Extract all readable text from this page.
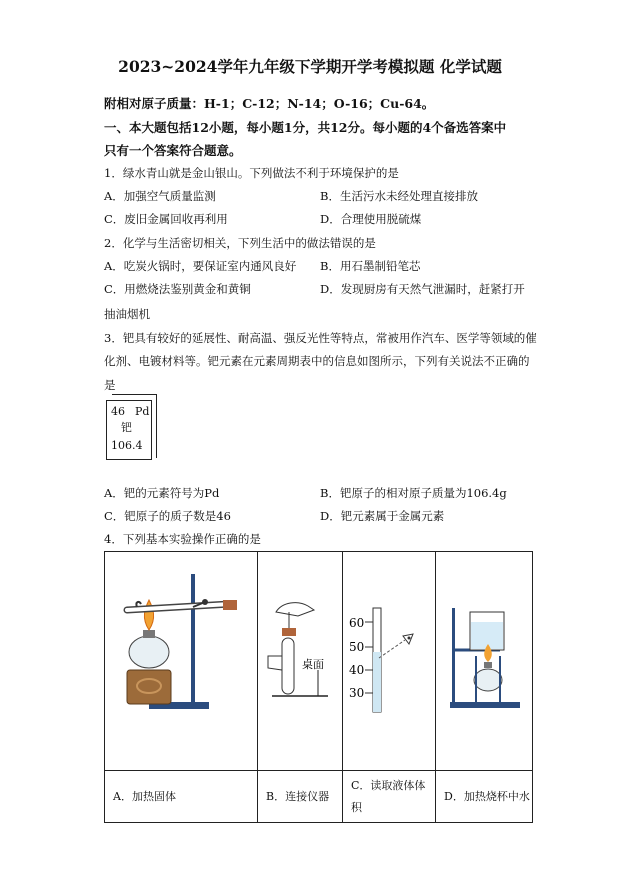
2023~2024学年九年级下学期开学考模拟题 化学试题
附相对原子质量：H-1；C-12；N-14；O-16；Cu-64。
一、本大题包括12小题，每小题1分，共12分。每小题的4个备选答案中
只有一个答案符合题意。
1．绿水青山就是金山银山。下列做法不利于环境保护的是
A．加强空气质量监测	B．生活污水未经处理直接排放
C．废旧金属回收再利用	D．合理使用脱硫煤
2．化学与生活密切相关，下列生活中的做法错误的是
A．吃炭火锅时，要保证室内通风良好 B．用石墨制铅笔芯
C．用燃烧法鉴别黄金和黄铜	D．发现厨房有天然气泄漏时，赶紧打开
抽油烟机
3．钯具有较好的延展性、耐高温、强反光性等特点，常被用作汽车、医学等领域的催
化剂、电镀材料等。钯元素在元素周期表中的信息如图所示，下列有关说法不正确的
是
46 Pd
钯
106.4
A．钯的元素符号为Pd	B．钯原子的相对原子质量为106.4g
C．钯原子的质子数是46	D．钯元素属于金属元素
4．下列基本实验操作正确的是

桌面	60
50
40
30

A．加热固体	B．连接仪器	C．读取液体体
积	D．加热烧杯中水
